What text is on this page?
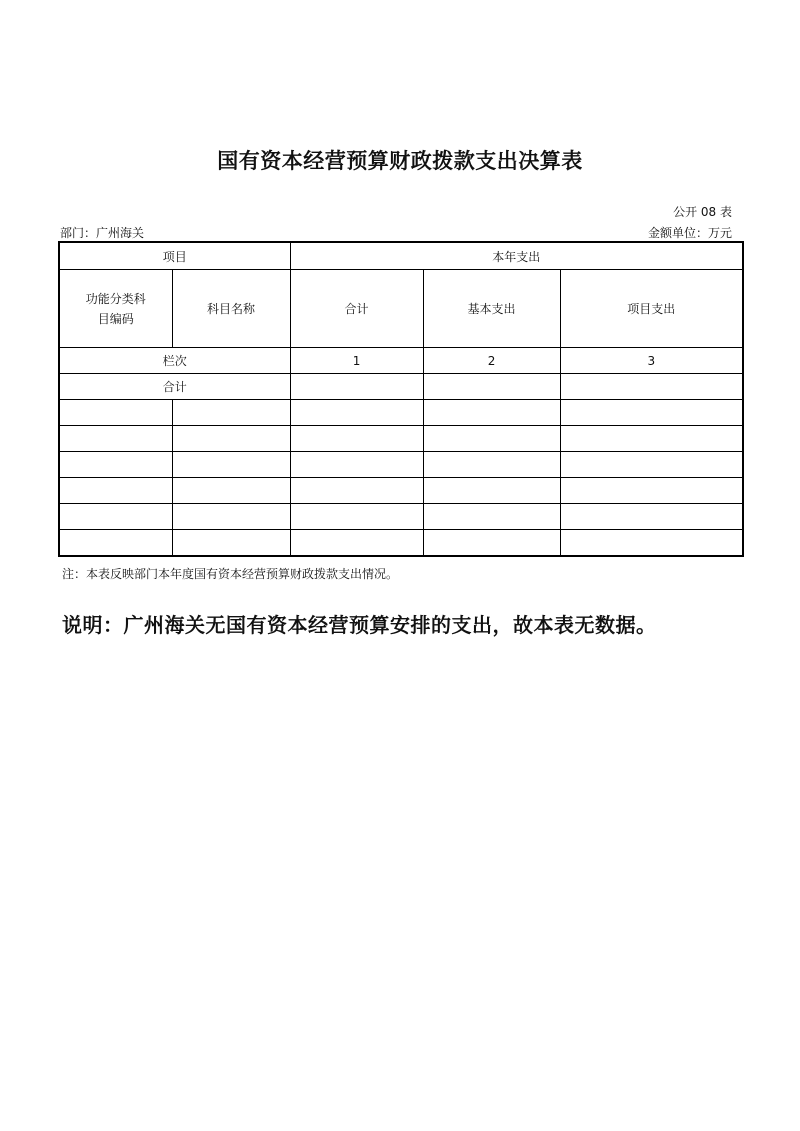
国有资本经营预算财政拨款支出决算表
公开 08 表
部门：广州海关	金额单位：万元
项目		本年支出		

功能分类科目编码	科目名称	合计	基本支出	项目支出
栏次		1	2	3
合计				

注：本表反映部门本年度国有资本经营预算财政拨款支出情况。
说明：广州海关无国有资本经营预算安排的支出，故本表无数据。
